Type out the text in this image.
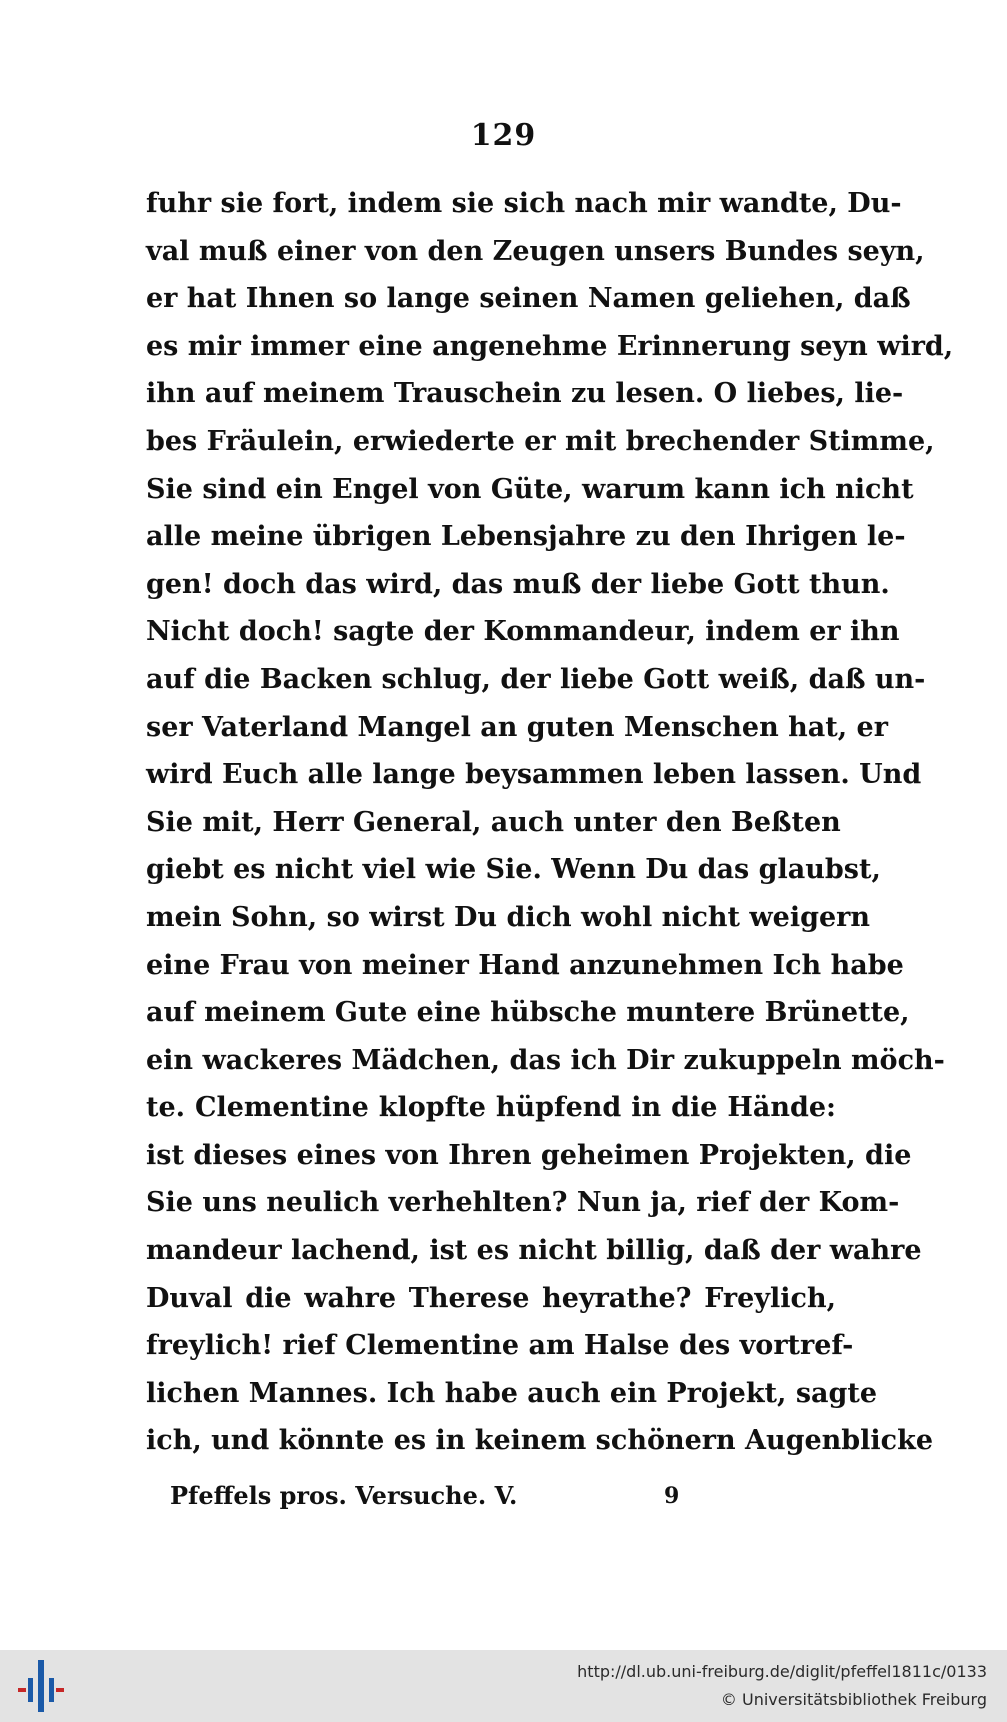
129
fuhr sie fort, indem sie sich nach mir wandte, Du-
val muß einer von den Zeugen unsers Bundes seyn,
er hat Ihnen so lange seinen Namen geliehen, daß
es mir immer eine angenehme Erinnerung seyn wird,
ihn auf meinem Trauschein zu lesen. O liebes, lie-
bes Fräulein, erwiederte er mit brechender Stimme,
Sie sind ein Engel von Güte, warum kann ich nicht
alle meine übrigen Lebensjahre zu den Ihrigen le-
gen! doch das wird, das muß der liebe Gott thun.
Nicht doch! sagte der Kommandeur, indem er ihn
auf die Backen schlug, der liebe Gott weiß, daß un-
ser Vaterland Mangel an guten Menschen hat, er
wird Euch alle lange beysammen leben lassen. Und
Sie mit, Herr General, auch unter den Beßten
giebt es nicht viel wie Sie. Wenn Du das glaubst,
mein Sohn, so wirst Du dich wohl nicht weigern
eine Frau von meiner Hand anzunehmen Ich habe
auf meinem Gute eine hübsche muntere Brünette,
ein wackeres Mädchen, das ich Dir zukuppeln möch-
te. Clementine klopfte hüpfend in die Hände:
ist dieses eines von Ihren geheimen Projekten, die
Sie uns neulich verhehlten? Nun ja, rief der Kom-
mandeur lachend, ist es nicht billig, daß der wahre
Duval die wahre Therese heyrathe? Freylich,
freylich! rief Clementine am Halse des vortref-
lichen Mannes. Ich habe auch ein Projekt, sagte
ich, und könnte es in keinem schönern Augenblicke
Pfeffels pros. Versuche. V.	9
http://dl.ub.uni-freiburg.de/diglit/pfeffel1811c/0133
© Universitätsbibliothek Freiburg
